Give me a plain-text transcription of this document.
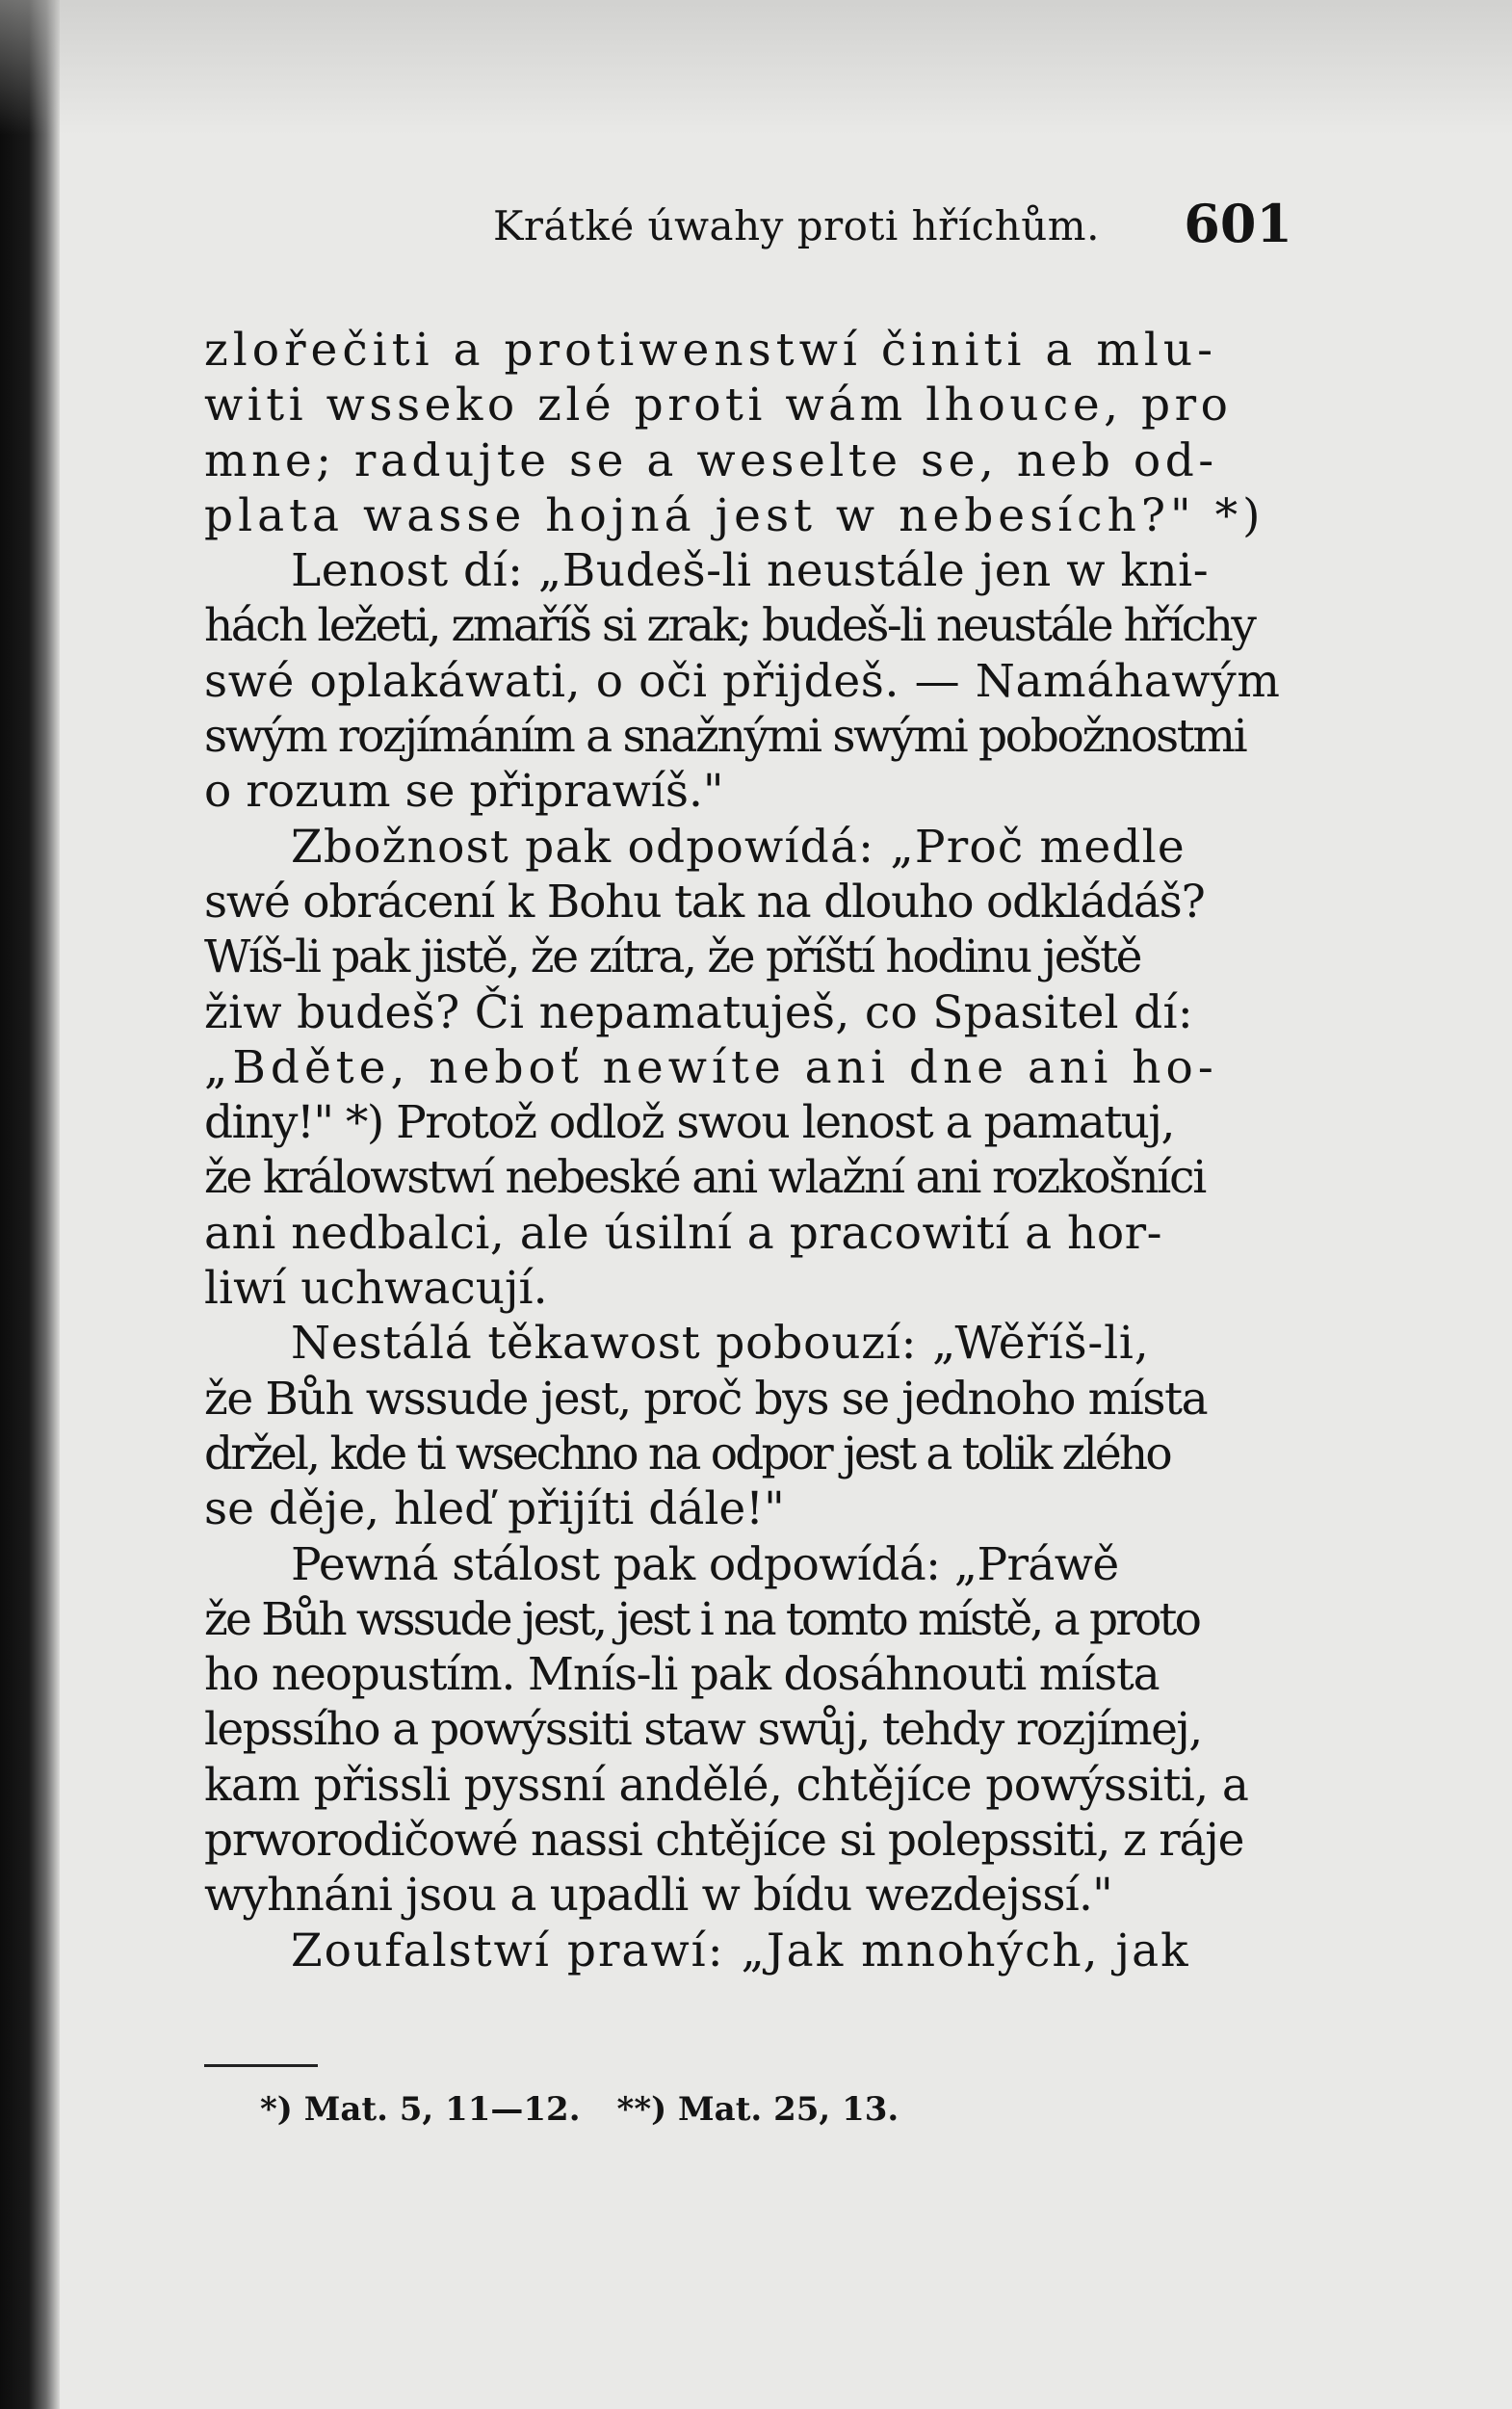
Krátké úwahy proti hříchům. 601
zlořečiti a protiwenstwí činiti a mlu-
witi wsseko zlé proti wám lhouce, pro
mne; radujte se a weselte se, neb od-
plata wasse hojná jest w nebesích?" *)
Lenost dí: „Budeš-li neustále jen w kni-
hách ležeti, zmaříš si zrak; budeš-li neustále hříchy
swé oplakáwati, o oči přijdeš. — Namáhawým
swým rozjímáním a snažnými swými pobožnostmi
o rozum se připrawíš."
Zbožnost pak odpowídá: „Proč medle
swé obrácení k Bohu tak na dlouho odkládáš?
Wíš-li pak jistě, že zítra, že příští hodinu ještě
žiw budeš? Či nepamatuješ, co Spasitel dí:
„Bděte, neboť newíte ani dne ani ho-
diny!" *) Protož odlož swou lenost a pamatuj,
že králowstwí nebeské ani wlažní ani rozkošníci
ani nedbalci, ale úsilní a pracowití a hor-
liwí uchwacují.
Nestálá těkawost pobouzí: „Wěříš-li,
že Bůh wssude jest, proč bys se jednoho místa
držel, kde ti wsechno na odpor jest a tolik zlého
se děje, hleď přijíti dále!"
Pewná stálost pak odpowídá: „Práwě
že Bůh wssude jest, jest i na tomto místě, a proto
ho neopustím. Mnís-li pak dosáhnouti místa
lepssího a powýssiti staw swůj, tehdy rozjímej,
kam přissli pyssní andělé, chtějíce powýssiti, a
prworodičowé nassi chtějíce si polepssiti, z ráje
wyhnáni jsou a upadli w bídu wezdejssí."
Zoufalstwí prawí: „Jak mnohých, jak
*) Mat. 5, 11—12. **) Mat. 25, 13.
